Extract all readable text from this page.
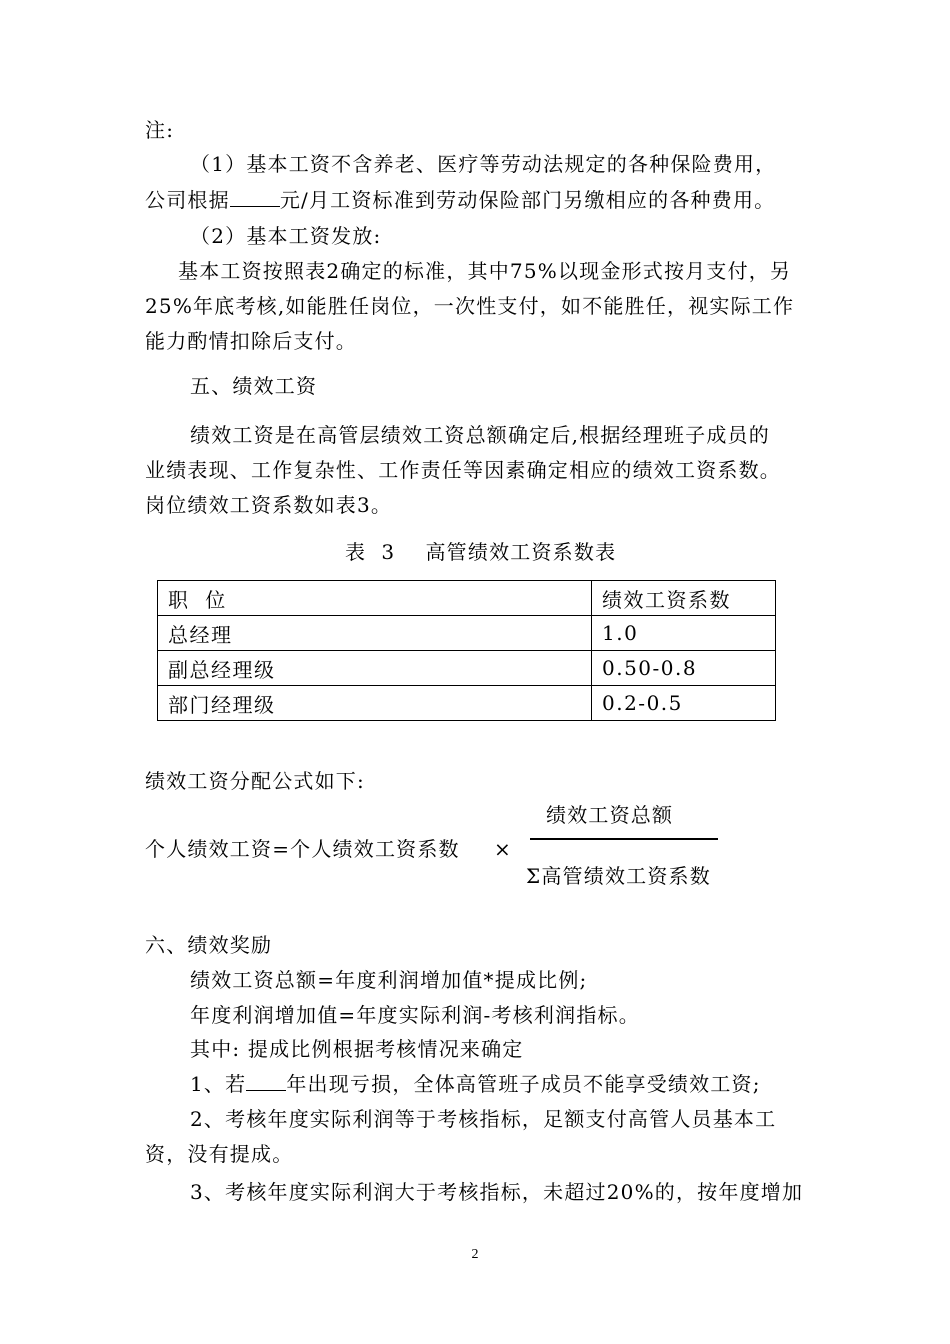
注:
（1）基本工资不含养老、医疗等劳动法规定的各种保险费用，
公司根据	元/月工资标准到劳动保险部门另缴相应的各种费用。
（2）基本工资发放:
基本工资按照表2确定的标准，其中75%以现金形式按月支付，另
25%年底考核,如能胜任岗位，一次性支付，如不能胜任，视实际工作
能力酌情扣除后支付。
五、绩效工资
绩效工资是在高管层绩效工资总额确定后,根据经理班子成员的
业绩表现、工作复杂性、工作责任等因素确定相应的绩效工资系数。
岗位绩效工资系数如表3。
表  3    高管绩效工资系数表
职  位	绩效工资系数
总经理	1.0
副总经理级	0.50-0.8
部门经理级	0.2-0.5
绩效工资分配公式如下:
绩效工资总额
个人绩效工资=个人绩效工资系数 ×
Σ高管绩效工资系数
六、绩效奖励
绩效工资总额=年度利润增加值*提成比例;
年度利润增加值=年度实际利润-考核利润指标。
其中: 提成比例根据考核情况来确定
1、若 年出现亏损，全体高管班子成员不能享受绩效工资;
2、考核年度实际利润等于考核指标，足额支付高管人员基本工
资，没有提成。
3、考核年度实际利润大于考核指标，未超过20%的，按年度增加
2
